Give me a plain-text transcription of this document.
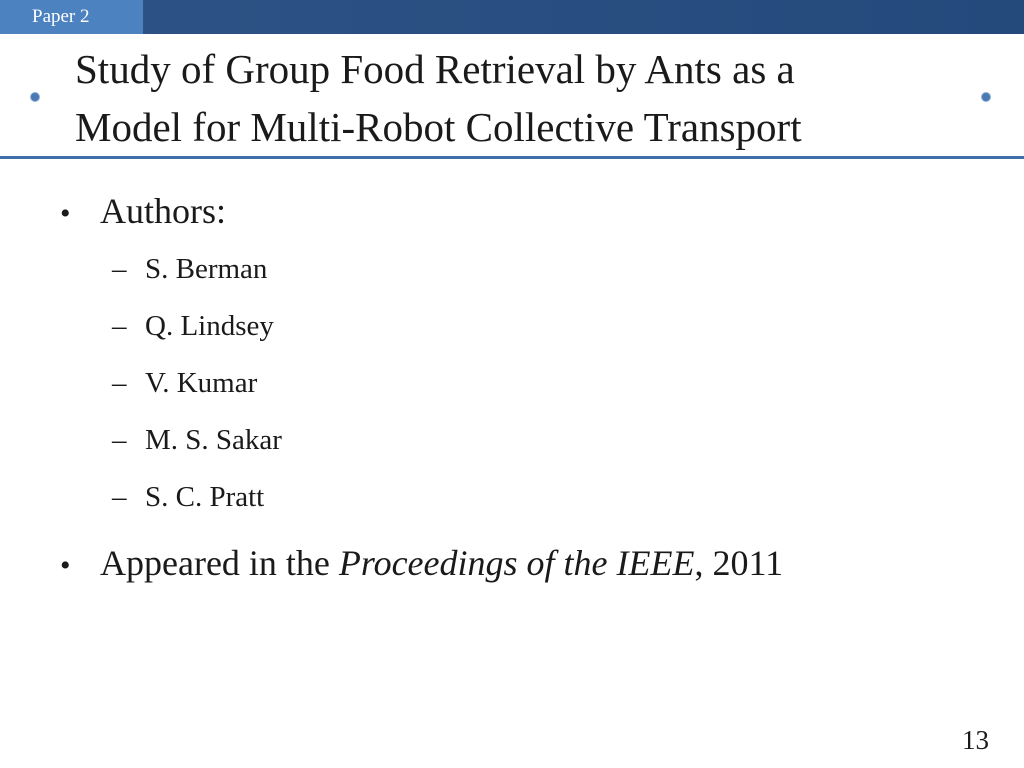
Paper 2
Study of Group Food Retrieval by Ants as a
Model for Multi-Robot Collective Transport
• Authors:
– S. Berman
– Q. Lindsey
– V. Kumar
– M. S. Sakar
– S. C. Pratt
• Appeared in the Proceedings of the IEEE, 2011
13
